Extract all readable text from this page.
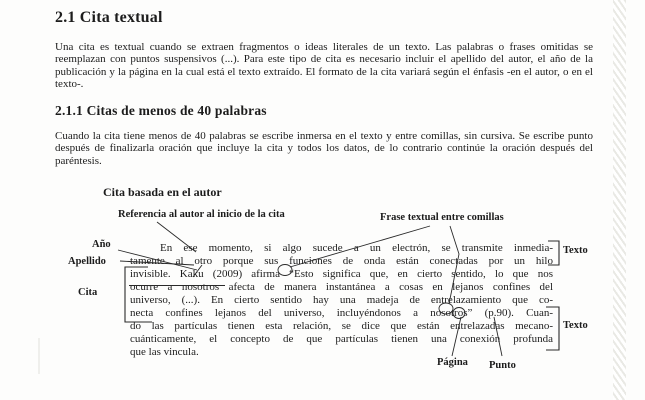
2.1 Cita textual
Una cita es textual cuando se extraen fragmentos o ideas literales de un texto. Las palabras o frases omitidas se reemplazan con puntos suspensivos (...). Para este tipo de cita es necesario incluir el apellido del autor, el año de la publicación y la página en la cual está el texto extraído. El formato de la cita variará según el énfasis -en el autor, o en el texto-.
2.1.1 Citas de menos de 40 palabras
Cuando la cita tiene menos de 40 palabras se escribe inmersa en el texto y entre comillas, sin cursiva. Se escribe punto después de finalizarla oración que incluye la cita y todos los datos, de lo contrario continúe la oración después del paréntesis.
Cita basada en el autor
Referencia al autor al inicio de la cita	Frase textual entre comillas
Año
Apellido
Cita
Texto
Texto
Página Punto
En ese momento, si algo sucede a un electrón, se transmite inmedia-
tamente al otro porque sus funciones de onda están conectadas por un hilo
invisible. Kaku (2009) afirma “Esto significa que, en cierto sentido, lo que nos
ocurre a nosotros afecta de manera instantánea a cosas en lejanos confines del
universo, (...). En cierto sentido hay una madeja de entrelazamiento que co-
necta confines lejanos del universo, incluyéndonos a nosotros” (p.90). Cuan-
do las partículas tienen esta relación, se dice que están entrelazadas mecano-
cuánticamente, el concepto de que partículas tienen una conexión profunda
que las vincula.
